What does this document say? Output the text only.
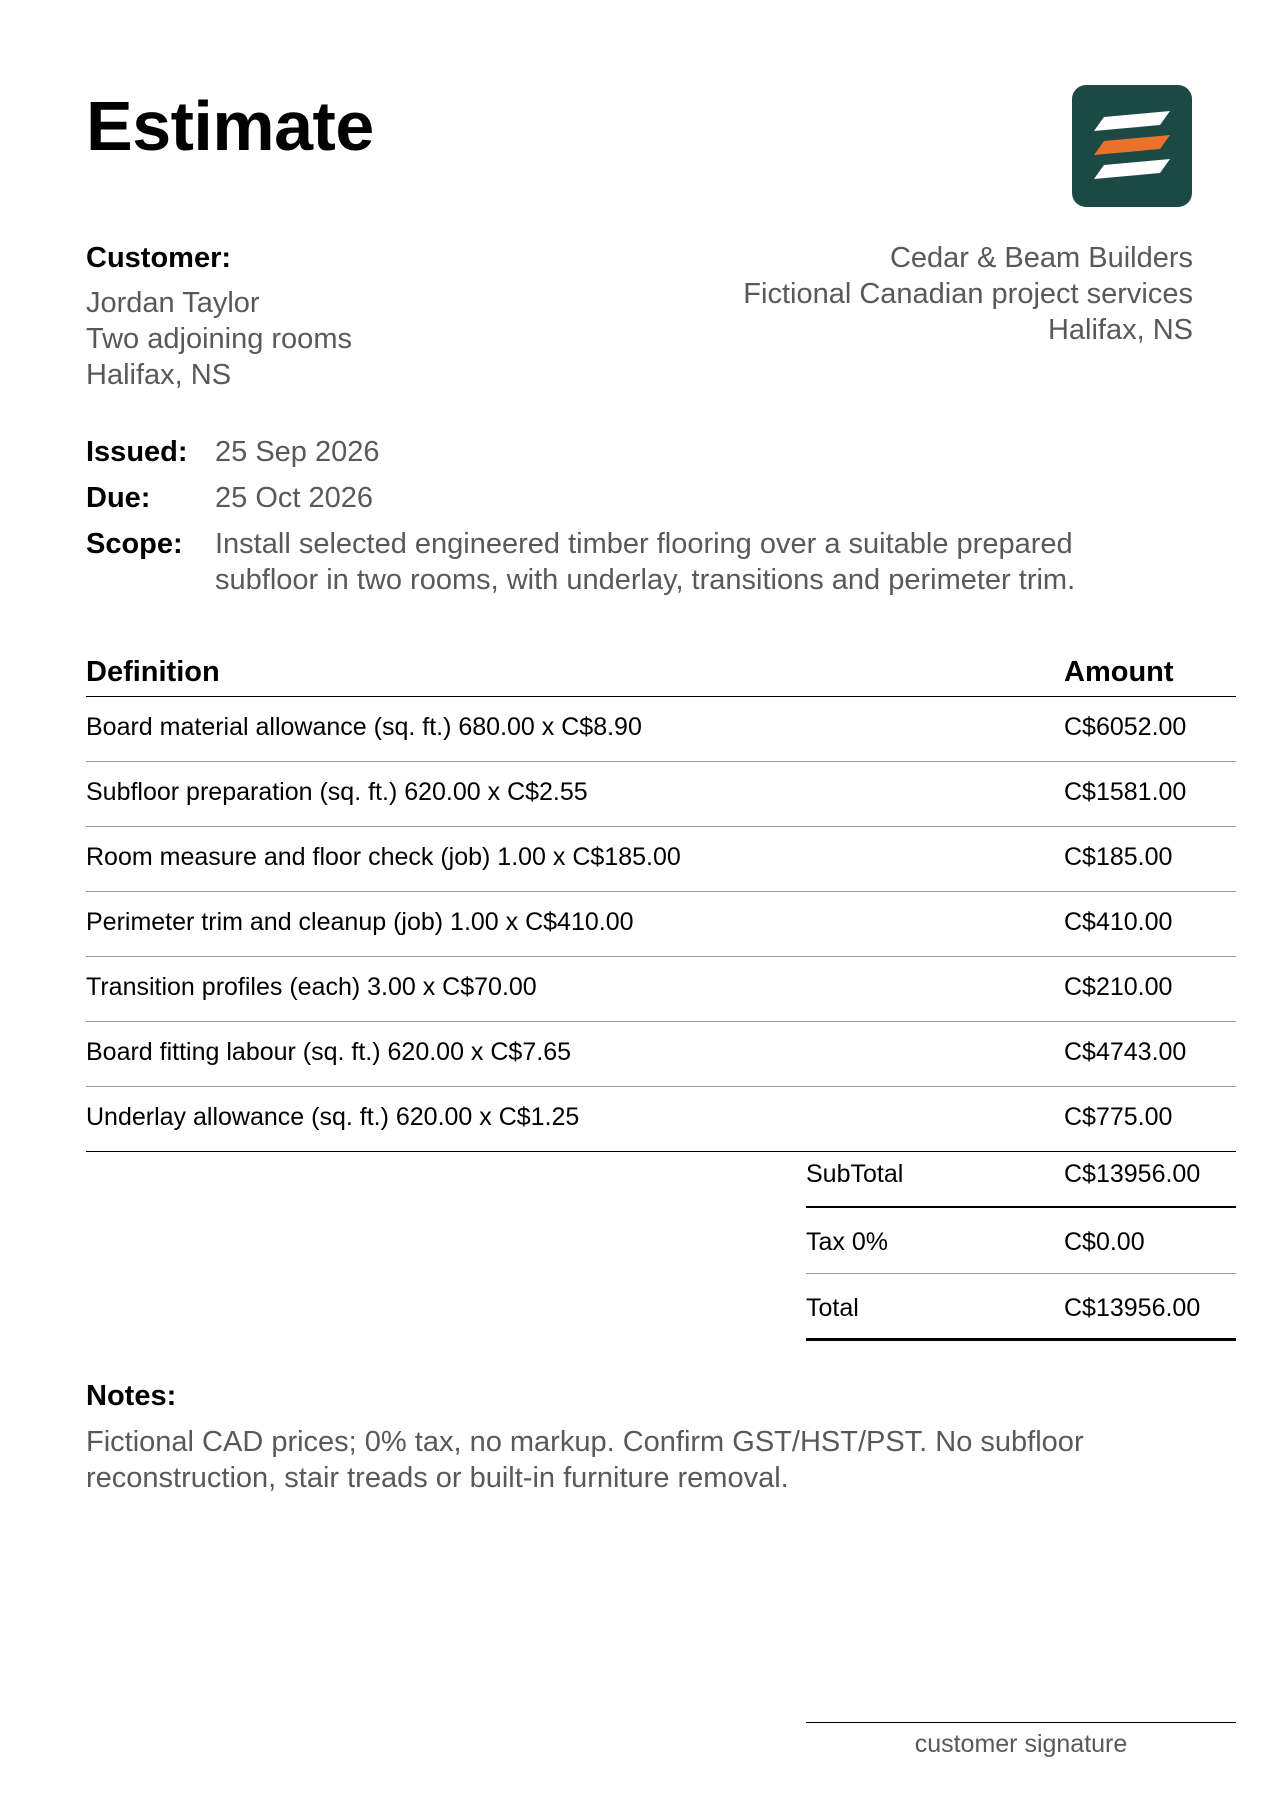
Estimate
Customer:
Jordan Taylor
Two adjoining rooms
Halifax, NS
Cedar & Beam Builders
Fictional Canadian project services
Halifax, NS
Issued: 25 Sep 2026
Due: 25 Oct 2026
Scope: Install selected engineered timber flooring over a suitable prepared
subfloor in two rooms, with underlay, transitions and perimeter trim.
Definition	Amount
Board material allowance (sq. ft.) 680.00 x C$8.90	C$6052.00
Subfloor preparation (sq. ft.) 620.00 x C$2.55	C$1581.00
Room measure and floor check (job) 1.00 x C$185.00	C$185.00
Perimeter trim and cleanup (job) 1.00 x C$410.00	C$410.00
Transition profiles (each) 3.00 x C$70.00	C$210.00
Board fitting labour (sq. ft.) 620.00 x C$7.65	C$4743.00
Underlay allowance (sq. ft.) 620.00 x C$1.25	C$775.00
SubTotal	C$13956.00
Tax 0%	C$0.00
Total	C$13956.00
Notes:
Fictional CAD prices; 0% tax, no markup. Confirm GST/HST/PST. No subfloor
reconstruction, stair treads or built-in furniture removal.
customer signature
